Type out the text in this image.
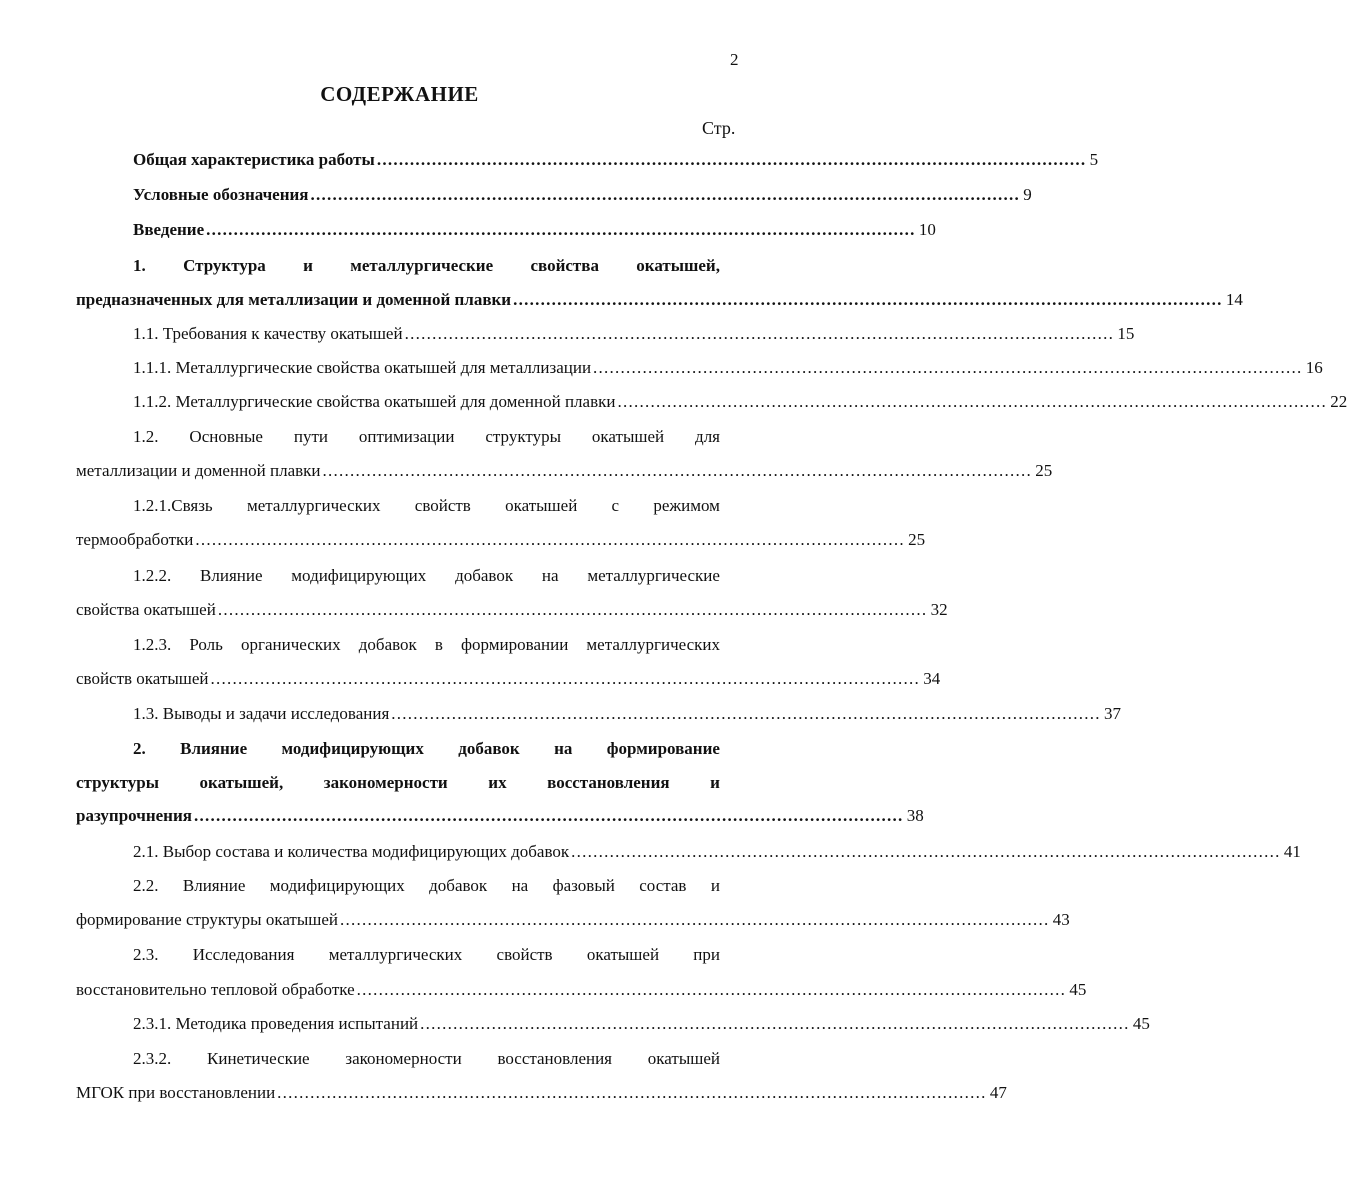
2
СОДЕРЖАНИЕ
Стр.
Общая характеристика работы . . .	5
Условные обозначения . . .	9
Введение . . .	10
1. Структура и металлургические свойства окатышей,
предназначенных для металлизации и доменной плавки . . .	14
1.1. Требования к качеству окатышей . . .	15
1.1.1. Металлургические свойства окатышей для металлизации . . .	16
1.1.2. Металлургические свойства окатышей для доменной плавки . . .	22
1.2. Основные пути оптимизации структуры окатышей для
металлизации и доменной плавки . . .	25
1.2.1.Связь металлургических свойств окатышей с режимом
термообработки . . .	25
1.2.2. Влияние модифицирующих добавок на металлургические
свойства окатышей . . .	32
1.2.3. Роль органических добавок в формировании металлургических
свойств окатышей . . .	34
1.3. Выводы и задачи исследования . . .	37
2. Влияние модифицирующих добавок на формирование
структуры окатышей, закономерности их восстановления и
разупрочнения . . .	38
2.1. Выбор состава и количества модифицирующих добавок . . .	41
2.2. Влияние модифицирующих добавок на фазовый состав и
формирование структуры окатышей . . .	43
2.3. Исследования металлургических свойств окатышей при
восстановительно тепловой обработке . . .	45
2.3.1. Методика проведения испытаний . . .	45
2.3.2. Кинетические закономерности восстановления окатышей
МГОК при восстановлении . . .	47
